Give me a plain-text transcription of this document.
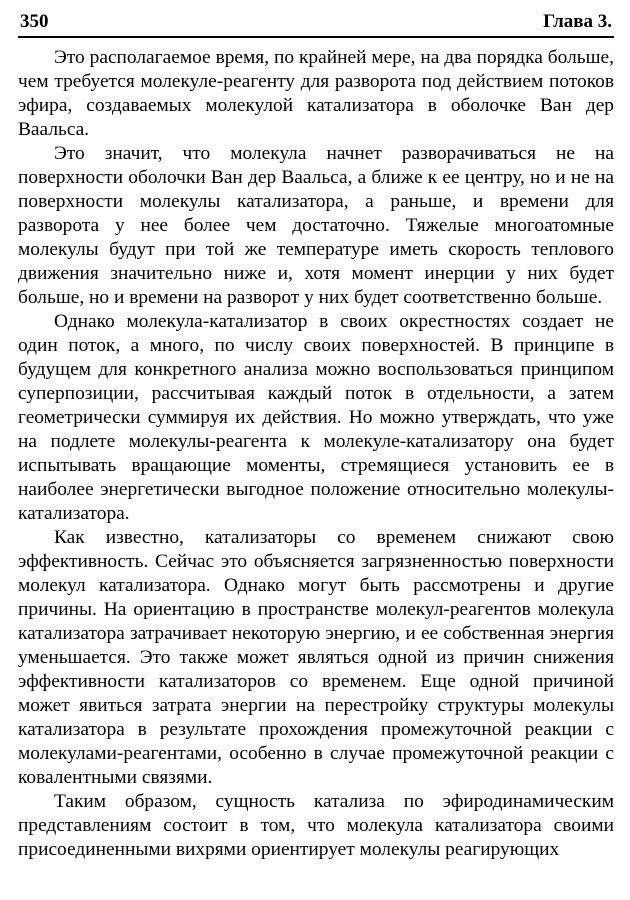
350	Глава 3.

Это располагаемое время, по крайней мере, на два порядка больше, чем требуется молекуле-реагенту для разворота под действием потоков эфира, создаваемых молекулой катализатора в оболочке Ван дер Ваальса.

Это значит, что молекула начнет разворачиваться не на поверхности оболочки Ван дер Ваальса, а ближе к ее центру, но и не на поверхности молекулы катализатора, а раньше, и времени для разворота у нее более чем достаточно. Тяжелые многоатомные молекулы будут при той же температуре иметь скорость теплового движения значительно ниже и, хотя момент инерции у них будет больше, но и времени на разворот у них будет соответственно больше.

Однако молекула-катализатор в своих окрестностях создает не один поток, а много, по числу своих поверхностей. В принципе в будущем для конкретного анализа можно воспользоваться принципом суперпозиции, рассчитывая каждый поток в отдельности, а затем геометрически суммируя их действия. Но можно утверждать, что уже на подлете молекулы-реагента к молекуле-катализатору она будет испытывать вращающие моменты, стремящиеся установить ее в наиболее энергетически выгодное положение относительно молекулы-катализатора.

Как известно, катализаторы со временем снижают свою эффективность. Сейчас это объясняется загрязненностью поверхности молекул катализатора. Однако могут быть рассмотрены и другие причины. На ориентацию в пространстве молекул-реагентов молекула катализатора затрачивает некоторую энергию, и ее собственная энергия уменьшается. Это также может являться одной из причин снижения эффективности катализаторов со временем. Еще одной причиной может явиться затрата энергии на перестройку структуры молекулы катализатора в результате прохождения промежуточной реакции с молекулами-реагентами, особенно в случае промежуточной реакции с ковалентными связями.

Таким образом, сущность катализа по эфиродинамическим представлениям состоит в том, что молекула катализатора своими присоединенными вихрями ориентирует молекулы реагирующих
